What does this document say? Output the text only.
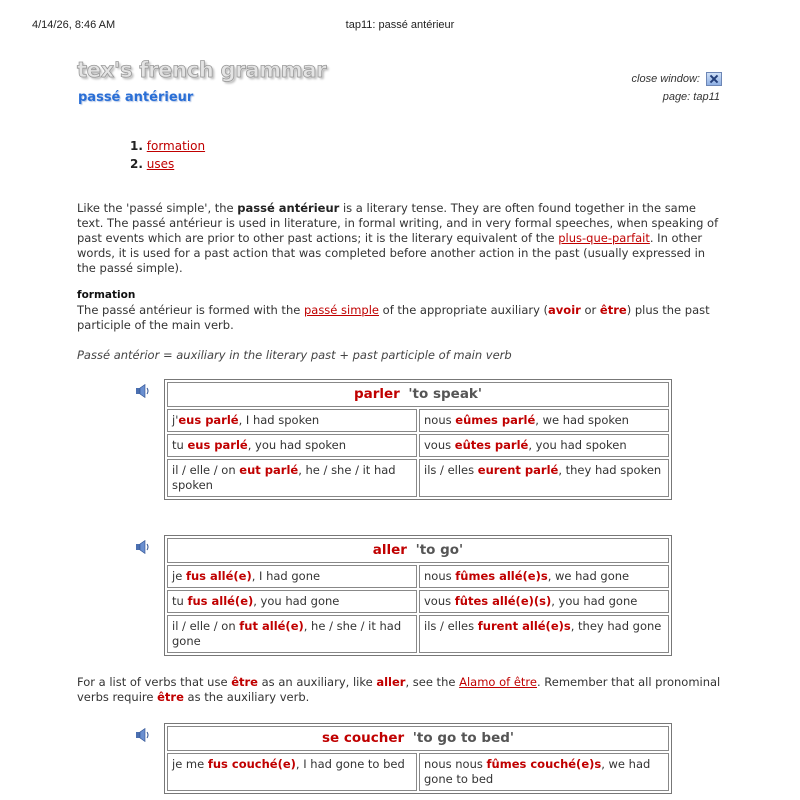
4/14/26, 8:46 AM	tap11: passé antérieur
tex's french grammar
passé antérieur
close window:
page: tap11
1. formation
2. uses

Like the 'passé simple', the passé antérieur is a literary tense. They are often found together in the same text. The passé antérieur is used in literature, in formal writing, and in very formal speeches, when speaking of past events which are prior to other past actions; it is the literary equivalent of the plus-que-parfait. In other words, it is used for a past action that was completed before another action in the past (usually expressed in the passé simple).

formation

The passé antérieur is formed with the passé simple of the appropriate auxiliary (avoir or être) plus the past participle of the main verb.

Passé antérior = auxiliary in the literary past + past participle of main verb
parler 'to speak'	
j'eus parlé, I had spoken	nous eûmes parlé, we had spoken
tu eus parlé, you had spoken	vous eûtes parlé, you had spoken
il / elle / on eut parlé, he / she / it had spoken	ils / elles eurent parlé, they had spoken
aller 'to go'	
je fus allé(e), I had gone	nous fûmes allé(e)s, we had gone
tu fus allé(e), you had gone	vous fûtes allé(e)(s), you had gone
il / elle / on fut allé(e), he / she / it had gone	ils / elles furent allé(e)s, they had gone

For a list of verbs that use être as an auxiliary, like aller, see the Alamo of être. Remember that all pronominal verbs require être as the auxiliary verb.

se coucher 'to go to bed'
je me fus couché(e), I had gone to bed	nous nous fûmes couché(e)s, we had gone to bed
